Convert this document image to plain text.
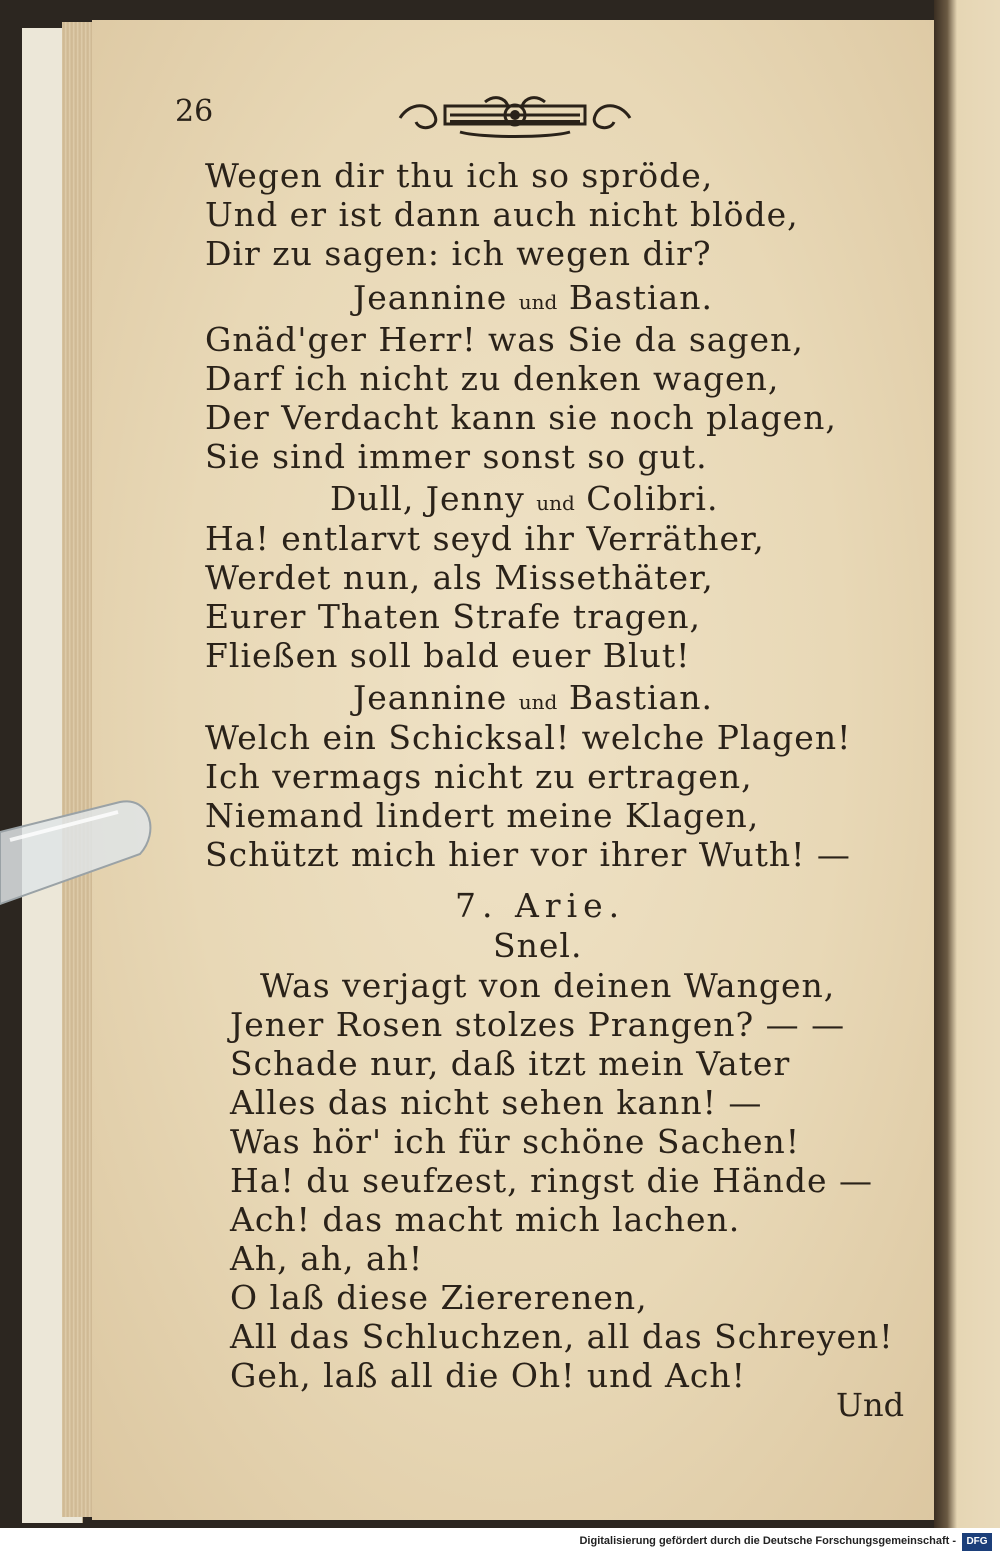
26
Wegen dir thu ich so spröde,
Und er ist dann auch nicht blöde,
Dir zu sagen: ich wegen dir?
Jeannine und Bastian.
Gnäd'ger Herr! was Sie da sagen,
Darf ich nicht zu denken wagen,
Der Verdacht kann sie noch plagen,
Sie sind immer sonst so gut.
Dull, Jenny und Colibri.
Ha! entlarvt seyd ihr Verräther,
Werdet nun, als Missethäter,
Eurer Thaten Strafe tragen,
Fließen soll bald euer Blut!
Jeannine und Bastian.
Welch ein Schicksal! welche Plagen!
Ich vermags nicht zu ertragen,
Niemand lindert meine Klagen,
Schützt mich hier vor ihrer Wuth! —
7. Arie.
Snel.
Was verjagt von deinen Wangen,
Jener Rosen stolzes Prangen? — —
Schade nur, daß itzt mein Vater
Alles das nicht sehen kann! —
Was hör' ich für schöne Sachen!
Ha! du seufzest, ringst die Hände —
Ach! das macht mich lachen.
Ah, ah, ah!
O laß diese Ziererenen,
All das Schluchzen, all das Schreyen!
Geh, laß all die Oh! und Ach!
Und
Digitalisierung gefördert durch die Deutsche Forschungsgemeinschaft -	DFG
